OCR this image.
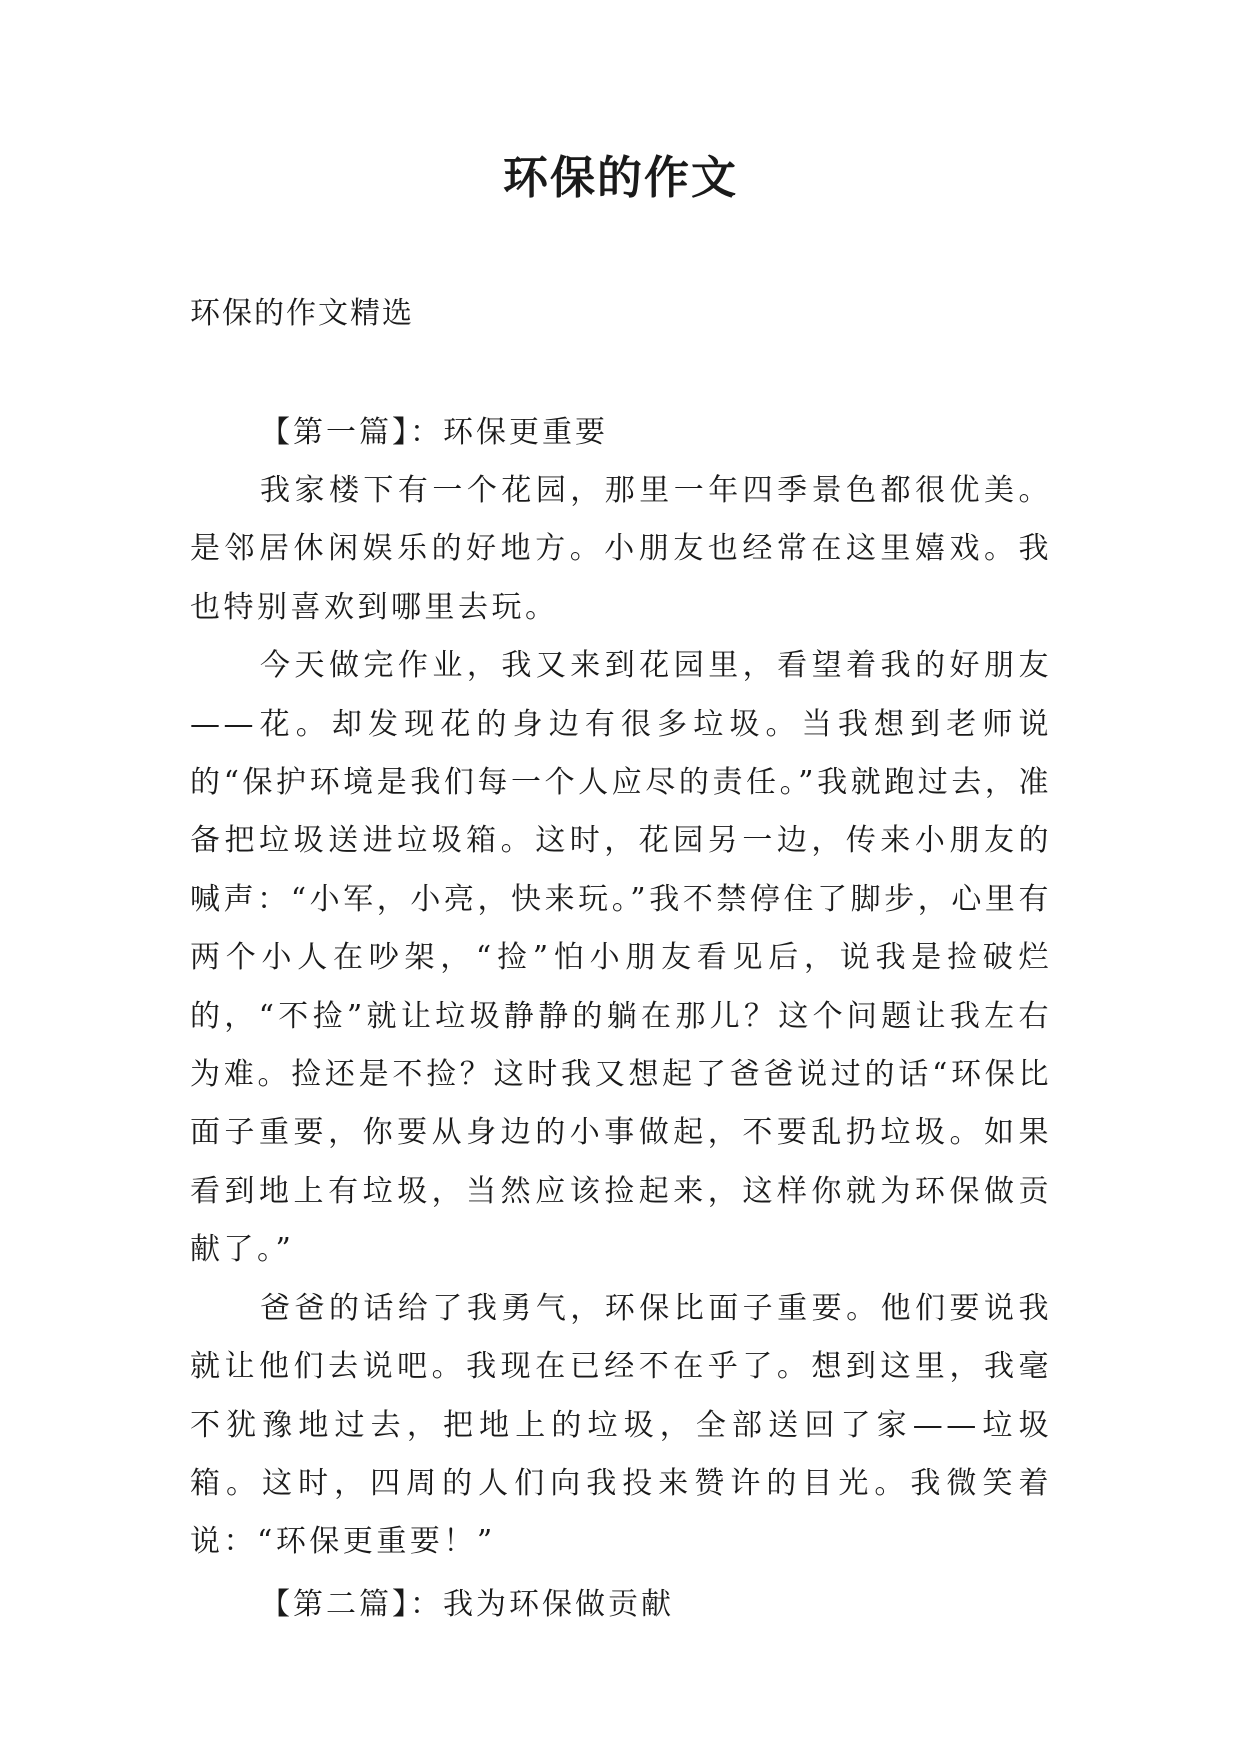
环保的作文

环保的作文精选

【第一篇】：环保更重要

我家楼下有一个花园，那里一年四季景色都很优美。是邻居休闲娱乐的好地方。小朋友也经常在这里嬉戏。我也特别喜欢到哪里去玩。

今天做完作业，我又来到花园里，看望着我的好朋友——花。却发现花的身边有很多垃圾。当我想到老师说的“保护环境是我们每一个人应尽的责任。”我就跑过去，准备把垃圾送进垃圾箱。这时，花园另一边，传来小朋友的喊声：“小军，小亮，快来玩。”我不禁停住了脚步，心里有两个小人在吵架，“捡”怕小朋友看见后，说我是捡破烂的，“不捡”就让垃圾静静的躺在那儿？这个问题让我左右为难。捡还是不捡？这时我又想起了爸爸说过的话“环保比面子重要，你要从身边的小事做起，不要乱扔垃圾。如果看到地上有垃圾，当然应该捡起来，这样你就为环保做贡献了。”

爸爸的话给了我勇气，环保比面子重要。他们要说我就让他们去说吧。我现在已经不在乎了。想到这里，我毫不犹豫地过去，把地上的垃圾，全部送回了家——垃圾箱。这时，四周的人们向我投来赞许的目光。我微笑着说：“环保更重要！”

【第二篇】：我为环保做贡献
